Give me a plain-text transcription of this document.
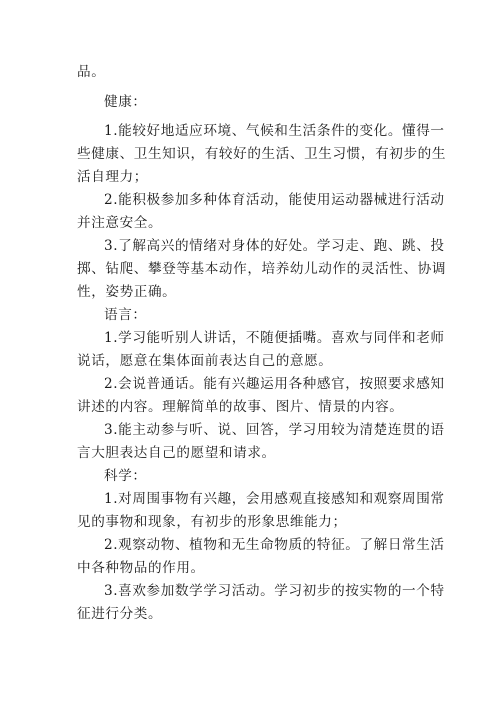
品。
健康：
1.能较好地适应环境、气候和生活条件的变化。懂得一
些健康、卫生知识，有较好的生活、卫生习惯，有初步的生
活自理力；
2.能积极参加多种体育活动，能使用运动器械进行活动
并注意安全。
3.了解高兴的情绪对身体的好处。学习走、跑、跳、投
掷、钻爬、攀登等基本动作，培养幼儿动作的灵活性、协调
性，姿势正确。
语言：
1.学习能听别人讲话，不随便插嘴。喜欢与同伴和老师
说话，愿意在集体面前表达自己的意愿。
2.会说普通话。能有兴趣运用各种感官，按照要求感知
讲述的内容。理解简单的故事、图片、情景的内容。
3.能主动参与听、说、回答，学习用较为清楚连贯的语
言大胆表达自己的愿望和请求。
科学：
1.对周围事物有兴趣，会用感观直接感知和观察周围常
见的事物和现象，有初步的形象思维能力；
2.观察动物、植物和无生命物质的特征。了解日常生活
中各种物品的作用。
3.喜欢参加数学学习活动。学习初步的按实物的一个特
征进行分类。
